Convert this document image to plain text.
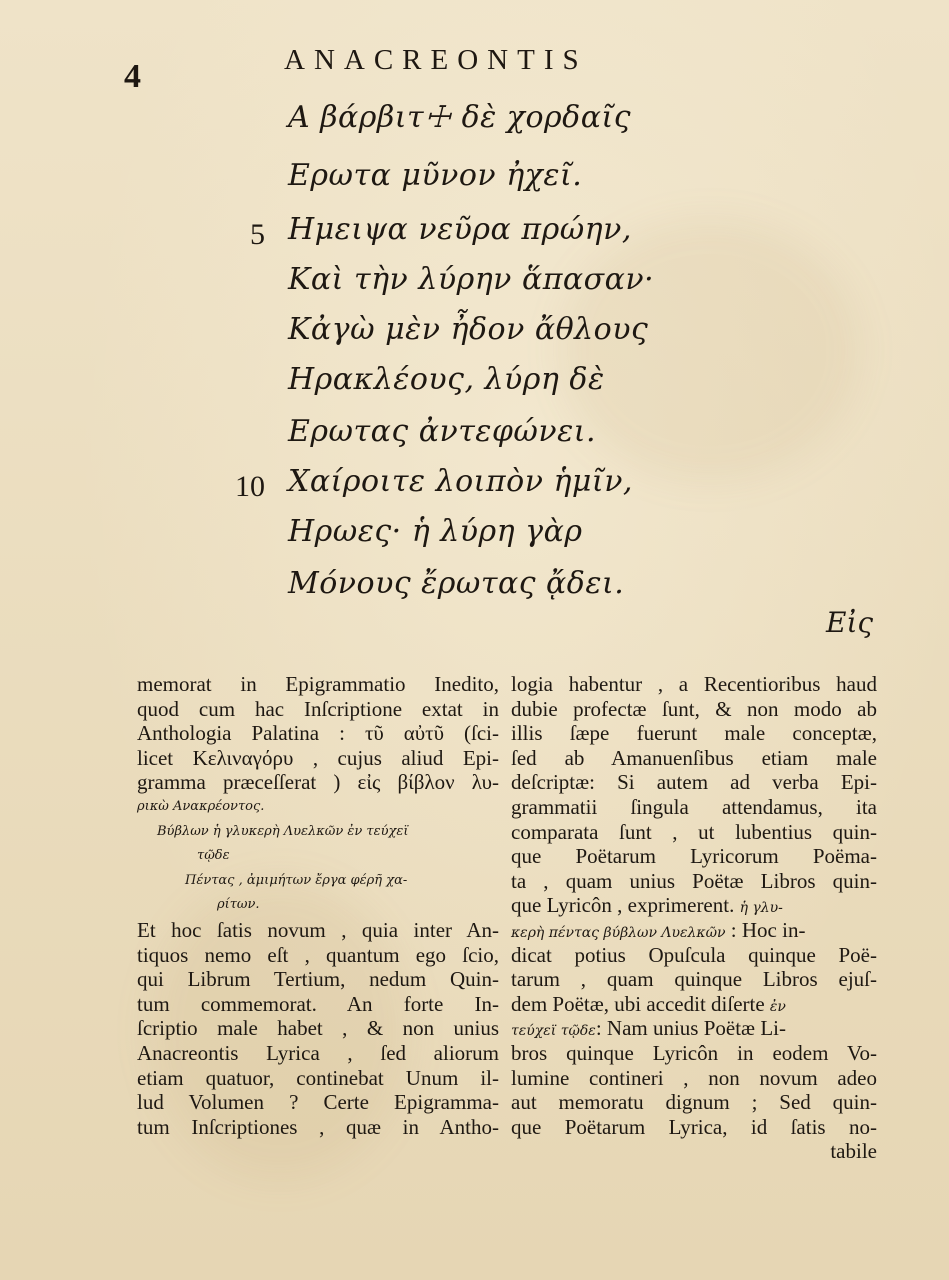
4	ANACREONTIS
Α βάρβιτ☩ δὲ χορδαῖς
Ερωτα μῦνον ἠχεῖ.
5 Ημειψα νεῦρα πρώην,
Καὶ τὴν λύρην ἅπασαν·
Κἀγὼ μὲν ἦδον ἄθλους
Ηρακλέους, λύρη δὲ
Ερωτας ἀντεφώνει.
10 Χαίροιτε λοιπὸν ἡμῖν,
Ηρωες· ἡ λύρη γὰρ
Μόνους ἔρωτας ᾄδει.
Εἰς
memorat in Epigrammatio Inedito,
quod cum hac Inſcriptione extat in
Anthologia Palatina : τῦ αὐτῦ (ſci-
licet Κελιναγόρυ , cujus aliud Epi-
gramma præceſſerat ) εἰς βίβλον λυ-
ρικὼ Ανακρέοντος.
Βύβλων ἡ γλυκερὴ Λυελκῶν ἐν τεύχεϊ
τῷδε
Πέντας , ἀμιμήτων ἔργα φέρῆ χα-
ρίτων.
Et hoc ſatis novum , quia inter An-
tiquos nemo eſt , quantum ego ſcio,
qui Librum Tertium, nedum Quin-
tum commemorat. An forte In-
ſcriptio male habet , & non unius
Anacreontis Lyrica , ſed aliorum
etiam quatuor, continebat Unum il-
lud Volumen ? Certe Epigramma-
tum Inſcriptiones , quæ in Antho-
logia habentur , a Recentioribus haud
dubie profectæ ſunt, & non modo ab
illis ſæpe fuerunt male conceptæ,
ſed ab Amanuenſibus etiam male
deſcriptæ: Si autem ad verba Epi-
grammatii ſingula attendamus, ita
comparata ſunt , ut lubentius quin-
que Poëtarum Lyricorum Poëma-
ta , quam unius Poëtæ Libros quin-
que Lyricôn , exprimerent. ἡ γλυ-
κερὴ πέντας βύβλων Λυελκῶν : Hoc in-
dicat potius Opuſcula quinque Poë-
tarum , quam quinque Libros ejuſ-
dem Poëtæ, ubi accedit diſerte ἐν
τεύχεϊ τῷδε: Nam unius Poëtæ Li-
bros quinque Lyricôn in eodem Vo-
lumine contineri , non novum adeo
aut memoratu dignum ; Sed quin-
que Poëtarum Lyrica, id ſatis no-
tabile
